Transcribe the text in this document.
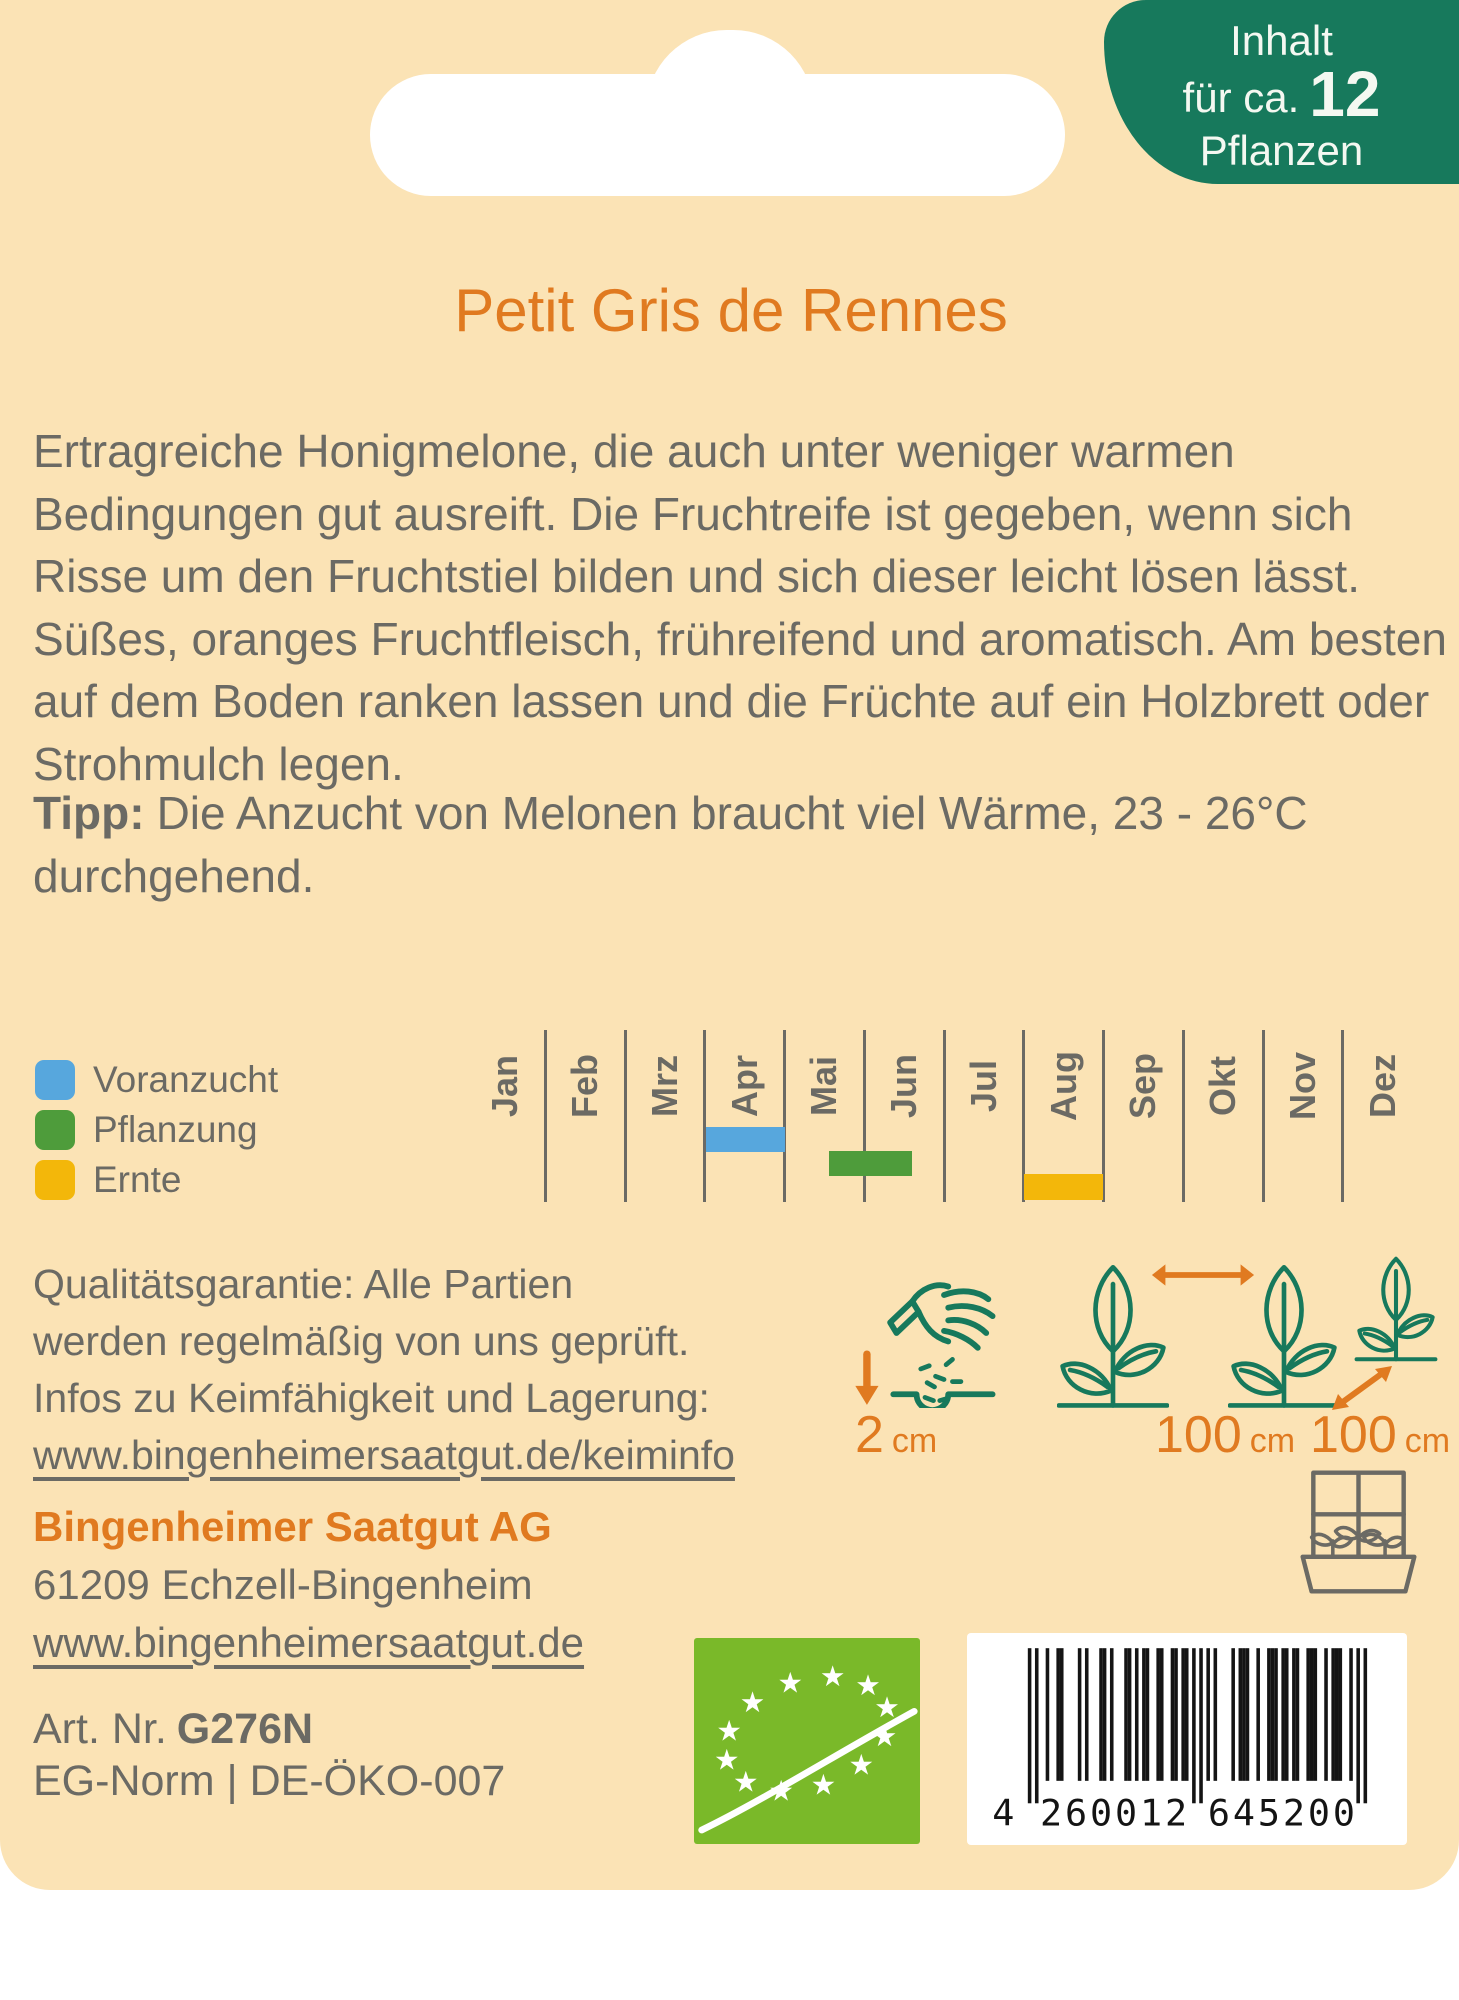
Inhalt
für ca. 12
Pflanzen
Petit Gris de Rennes
Ertragreiche Honigmelone, die auch unter weniger warmen Bedingungen gut ausreift. Die Fruchtreife ist gegeben, wenn sich Risse um den Fruchtstiel bilden und sich dieser leicht lösen lässt. Süßes, oranges Fruchtfleisch, frühreifend und aromatisch. Am besten auf dem Boden ranken lassen und die Früchte auf ein Holzbrett oder Strohmulch legen.
Tipp: Die Anzucht von Melonen braucht viel Wärme, 23 - 26°C durchgehend.
Voranzucht
Pflanzung
Ernte
Jan Feb Mrz Apr Mai Jun Jul Aug Sep Okt Nov Dez
Qualitätsgarantie: Alle Partien
werden regelmäßig von uns geprüft.
Infos zu Keimfähigkeit und Lagerung:
www.bingenheimersaatgut.de/keiminfo 2 cm	100 cm 100 cm
Bingenheimer Saatgut AG
61209 Echzell-Bingenheim
www.bingenheimersaatgut.de
★
★
★
★
★
★
★
★
★
★ ★ ★
4 2 6 0 0 1 2 6 4 5 2 0 0
Art. Nr. G276N
EG-Norm | DE-ÖKO-007
